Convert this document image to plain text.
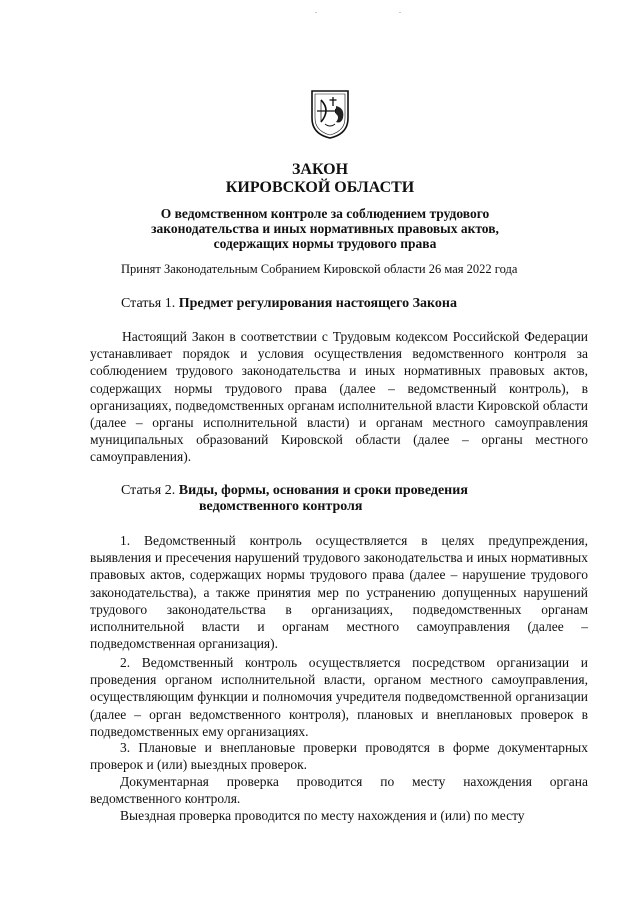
. .
ЗАКОН
КИРОВСКОЙ ОБЛАСТИ
О ведомственном контроле за соблюдением трудового
законодательства и иных нормативных правовых актов,
содержащих нормы трудового права
Принят Законодательным Собранием Кировской области 26 мая 2022 года
Статья 1. Предмет регулирования настоящего Закона

Настоящий Закон в соответствии с Трудовым кодексом Российской Федерации устанавливает порядок и условия осуществления ведомственного контроля за соблюдением трудового законодательства и иных нормативных правовых актов, содержащих нормы трудового права (далее – ведомственный контроль), в организациях, подведомственных органам исполнительной власти Кировской области (далее – органы исполнительной власти) и органам местного самоуправления муниципальных образований Кировской области (далее – органы местного самоуправления).

Статья 2. Виды, формы, основания и сроки проведения
ведомственного контроля

1. Ведомственный контроль осуществляется в целях предупреждения, выявления и пресечения нарушений трудового законодательства и иных нормативных правовых актов, содержащих нормы трудового права (далее – нарушение трудового законодательства), а также принятия мер по устранению допущенных нарушений трудового законодательства в организациях, подведомственных органам исполнительной власти и органам местного самоуправления (далее – подведомственная организация).

2. Ведомственный контроль осуществляется посредством организации и проведения органом исполнительной власти, органом местного самоуправления, осуществляющим функции и полномочия учредителя подведомственной организации (далее – орган ведомственного контроля), плановых и внеплановых проверок в подведомственных ему организациях.

3. Плановые и внеплановые проверки проводятся в форме документарных проверок и (или) выездных проверок.

Документарная проверка проводится по месту нахождения органа ведомственного контроля.

Выездная проверка проводится по месту нахождения и (или) по месту
